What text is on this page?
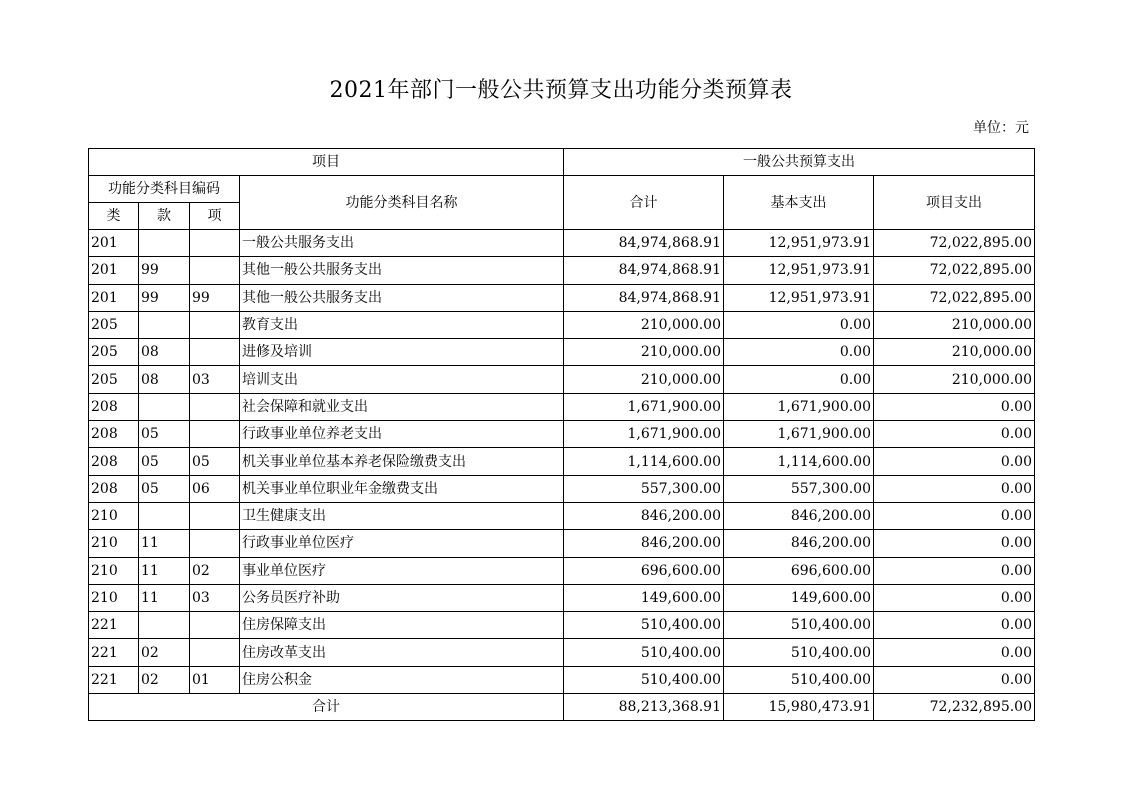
2021年部门一般公共预算支出功能分类预算表
单位：元
项目				一般公共预算支出		
功能分类科目编码			功能分类科目名称	合计	基本支出	项目支出
类	款	项				
201			一般公共服务支出	84,974,868.91	12,951,973.91	72,022,895.00
201	99		其他一般公共服务支出	84,974,868.91	12,951,973.91	72,022,895.00
201	99	99	其他一般公共服务支出	84,974,868.91	12,951,973.91	72,022,895.00
205			教育支出	210,000.00	0.00	210,000.00
205	08		进修及培训	210,000.00	0.00	210,000.00
205	08	03	培训支出	210,000.00	0.00	210,000.00
208			社会保障和就业支出	1,671,900.00	1,671,900.00	0.00
208	05		行政事业单位养老支出	1,671,900.00	1,671,900.00	0.00
208	05	05	机关事业单位基本养老保险缴费支出	1,114,600.00	1,114,600.00	0.00
208	05	06	机关事业单位职业年金缴费支出	557,300.00	557,300.00	0.00
210			卫生健康支出	846,200.00	846,200.00	0.00
210	11		行政事业单位医疗	846,200.00	846,200.00	0.00
210	11	02	事业单位医疗	696,600.00	696,600.00	0.00
210	11	03	公务员医疗补助	149,600.00	149,600.00	0.00
221			住房保障支出	510,400.00	510,400.00	0.00
221	02		住房改革支出	510,400.00	510,400.00	0.00
221	02	01	住房公积金	510,400.00	510,400.00	0.00
合计				88,213,368.91	15,980,473.91	72,232,895.00
